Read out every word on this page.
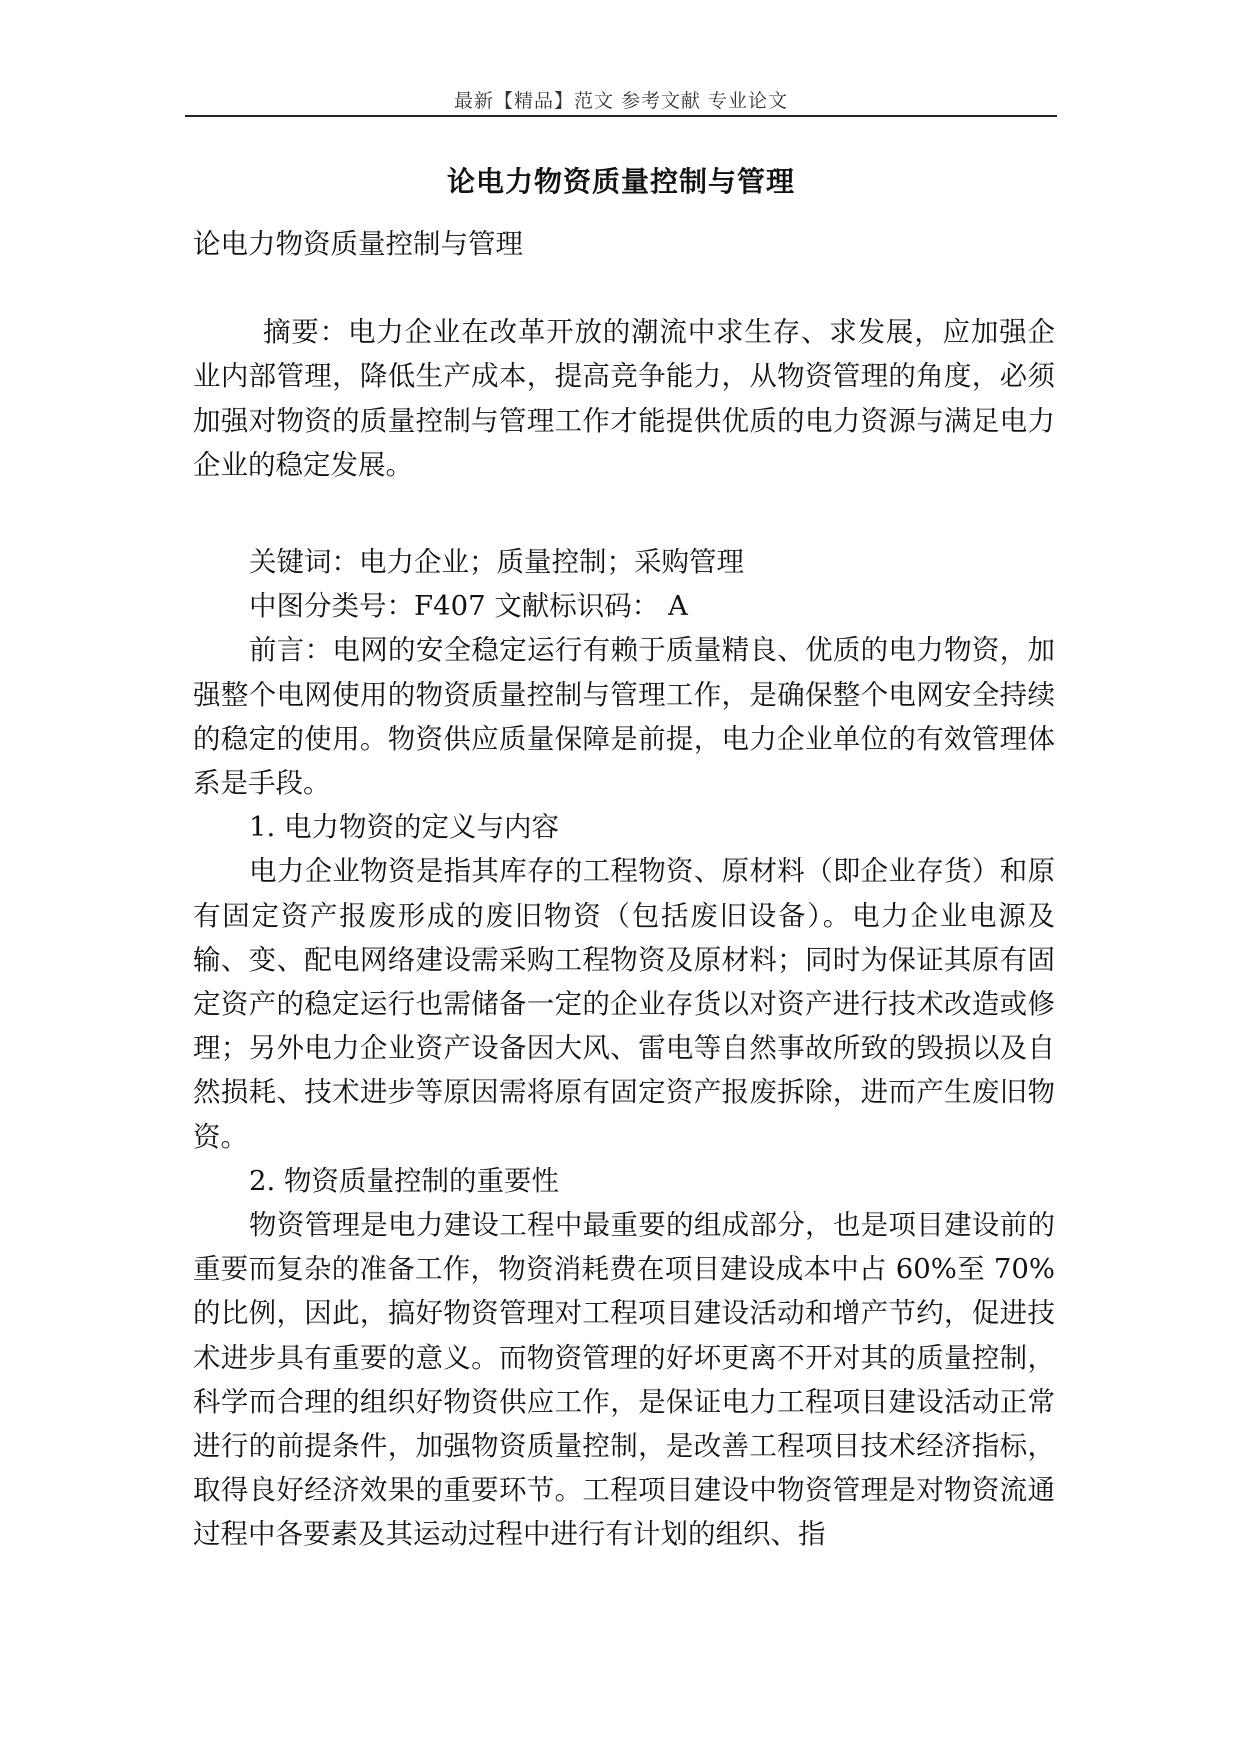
最新【精品】范文 参考文献 专业论文
论电力物资质量控制与管理

论电力物资质量控制与管理

摘要：电力企业在改革开放的潮流中求生存、求发展，应加强企业内部管理，降低生产成本，提高竞争能力，从物资管理的角度，必须加强对物资的质量控制与管理工作才能提供优质的电力资源与满足电力企业的稳定发展。

关键词：电力企业；质量控制；采购管理

中图分类号：F407 文献标识码： A

前言：电网的安全稳定运行有赖于质量精良、优质的电力物资，加强整个电网使用的物资质量控制与管理工作，是确保整个电网安全持续的稳定的使用。物资供应质量保障是前提，电力企业单位的有效管理体系是手段。

1. 电力物资的定义与内容

电力企业物资是指其库存的工程物资、原材料（即企业存货）和原有固定资产报废形成的废旧物资（包括废旧设备）。电力企业电源及输、变、配电网络建设需采购工程物资及原材料；同时为保证其原有固定资产的稳定运行也需储备一定的企业存货以对资产进行技术改造或修理；另外电力企业资产设备因大风、雷电等自然事故所致的毁损以及自然损耗、技术进步等原因需将原有固定资产报废拆除，进而产生废旧物资。

2. 物资质量控制的重要性

物资管理是电力建设工程中最重要的组成部分，也是项目建设前的重要而复杂的准备工作，物资消耗费在项目建设成本中占 60%至 70%的比例，因此，搞好物资管理对工程项目建设活动和增产节约，促进技术进步具有重要的意义。而物资管理的好坏更离不开对其的质量控制，科学而合理的组织好物资供应工作，是保证电力工程项目建设活动正常进行的前提条件，加强物资质量控制，是改善工程项目技术经济指标，取得良好经济效果的重要环节。工程项目建设中物资管理是对物资流通过程中各要素及其运动过程中进行有计划的组织、指
